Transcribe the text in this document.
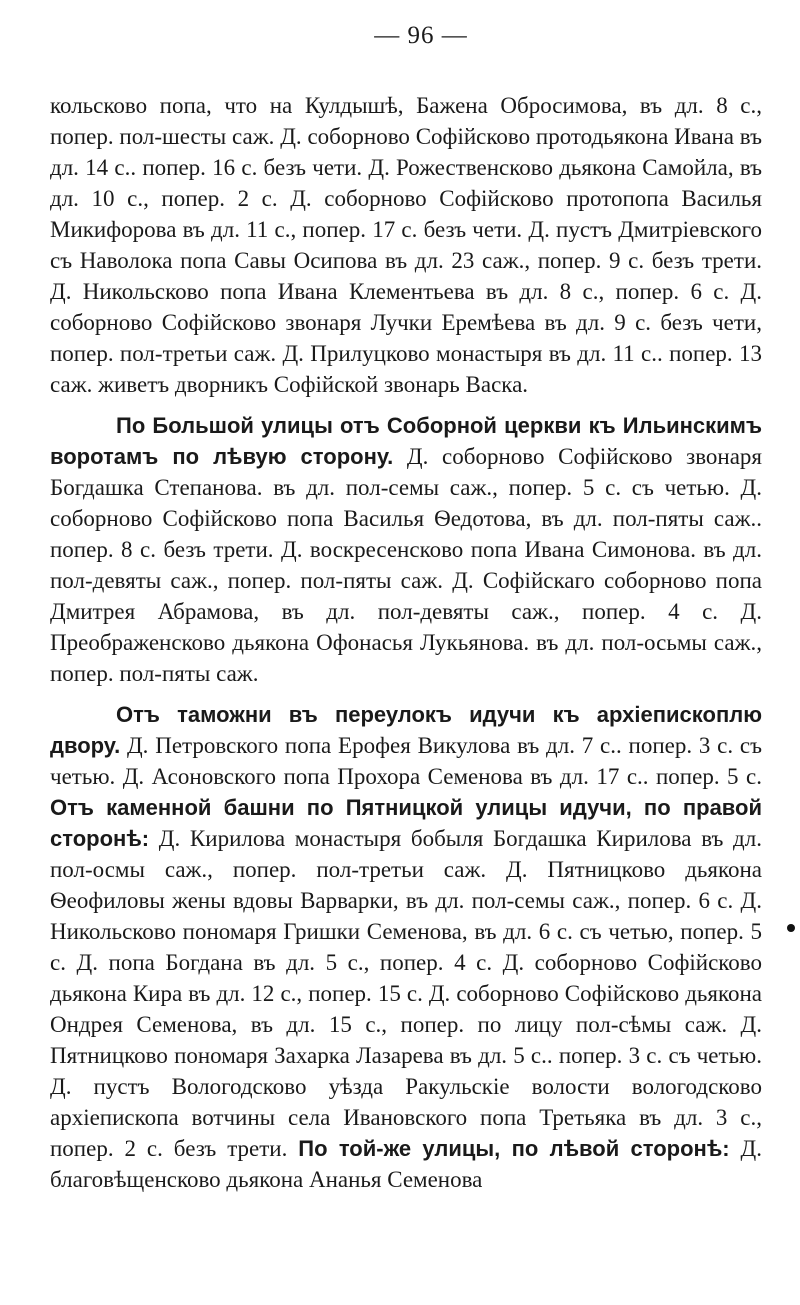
— 96 —

кольсково попа, что на Кулдышѣ, Бажена Обросимова, въ дл. 8 с., попер. пол-шесты саж. Д. соборново Софійсково протодьякона Ивана въ дл. 14 с.. попер. 16 с. безъ чети. Д. Рожественсково дьякона Самойла, въ дл. 10 с., попер. 2 с. Д. соборново Софійсково протопопа Василья Микифорова въ дл. 11 с., попер. 17 с. безъ чети. Д. пустъ Дмитріевского съ Наволока попа Савы Осипова въ дл. 23 саж., попер. 9 с. безъ трети. Д. Никольсково попа Ивана Клементьева въ дл. 8 с., попер. 6 с. Д. соборново Софійсково звонаря Лучки Еремѣева въ дл. 9 с. безъ чети, попер. пол-третьи саж. Д. Прилуцково монастыря въ дл. 11 с.. попер. 13 саж. живетъ дворникъ Софійской звонарь Васка.

По Большой улицы отъ Соборной церкви къ Ильинскимъ воротамъ по лѣвую сторону. Д. соборново Софійсково звонаря Богдашка Степанова. въ дл. пол-семы саж., попер. 5 с. съ четью. Д. соборново Софійсково попа Василья Ѳедотова, въ дл. пол-пяты саж.. попер. 8 с. безъ трети. Д. воскресенсково попа Ивана Симонова. въ дл. пол-девяты саж., попер. пол-пяты саж. Д. Софійскаго соборново попа Дмитрея Абрамова, въ дл. пол-девяты саж., попер. 4 с. Д. Преображенсково дьякона Офонасья Лукьянова. въ дл. пол-осьмы саж., попер. пол-пяты саж.

Отъ таможни въ переулокъ идучи къ архіепископлю двору. Д. Петровского попа Ерофея Викулова въ дл. 7 с.. попер. 3 с. съ четью. Д. Асоновского попа Прохора Семенова въ дл. 17 с.. попер. 5 с. Отъ каменной башни по Пятницкой улицы идучи, по правой сторонѣ: Д. Кирилова монастыря бобыля Богдашка Кирилова въ дл. пол-осмы саж., попер. пол-третьи саж. Д. Пятницково дьякона Ѳеофиловы жены вдовы Варварки, въ дл. пол-семы саж., попер. 6 с. Д. Никольсково пономаря Гришки Семенова, въ дл. 6 с. съ четью, попер. 5 с. Д. попа Богдана въ дл. 5 с., попер. 4 с. Д. соборново Софійсково дьякона Кира въ дл. 12 с., попер. 15 с. Д. соборново Софійсково дьякона Ондрея Семенова, въ дл. 15 с., попер. по лицу пол-сѣмы саж. Д. Пятницково пономаря Захарка Лазарева въ дл. 5 с.. попер. 3 с. съ четью. Д. пустъ Вологодсково уѣзда Ракульскіе волости вологодсково архіепископа вотчины села Ивановского попа Третьяка въ дл. 3 с., попер. 2 с. безъ трети. По той-же улицы, по лѣвой сторонѣ: Д. благовѣщенсково дьякона Ананья Семенова
